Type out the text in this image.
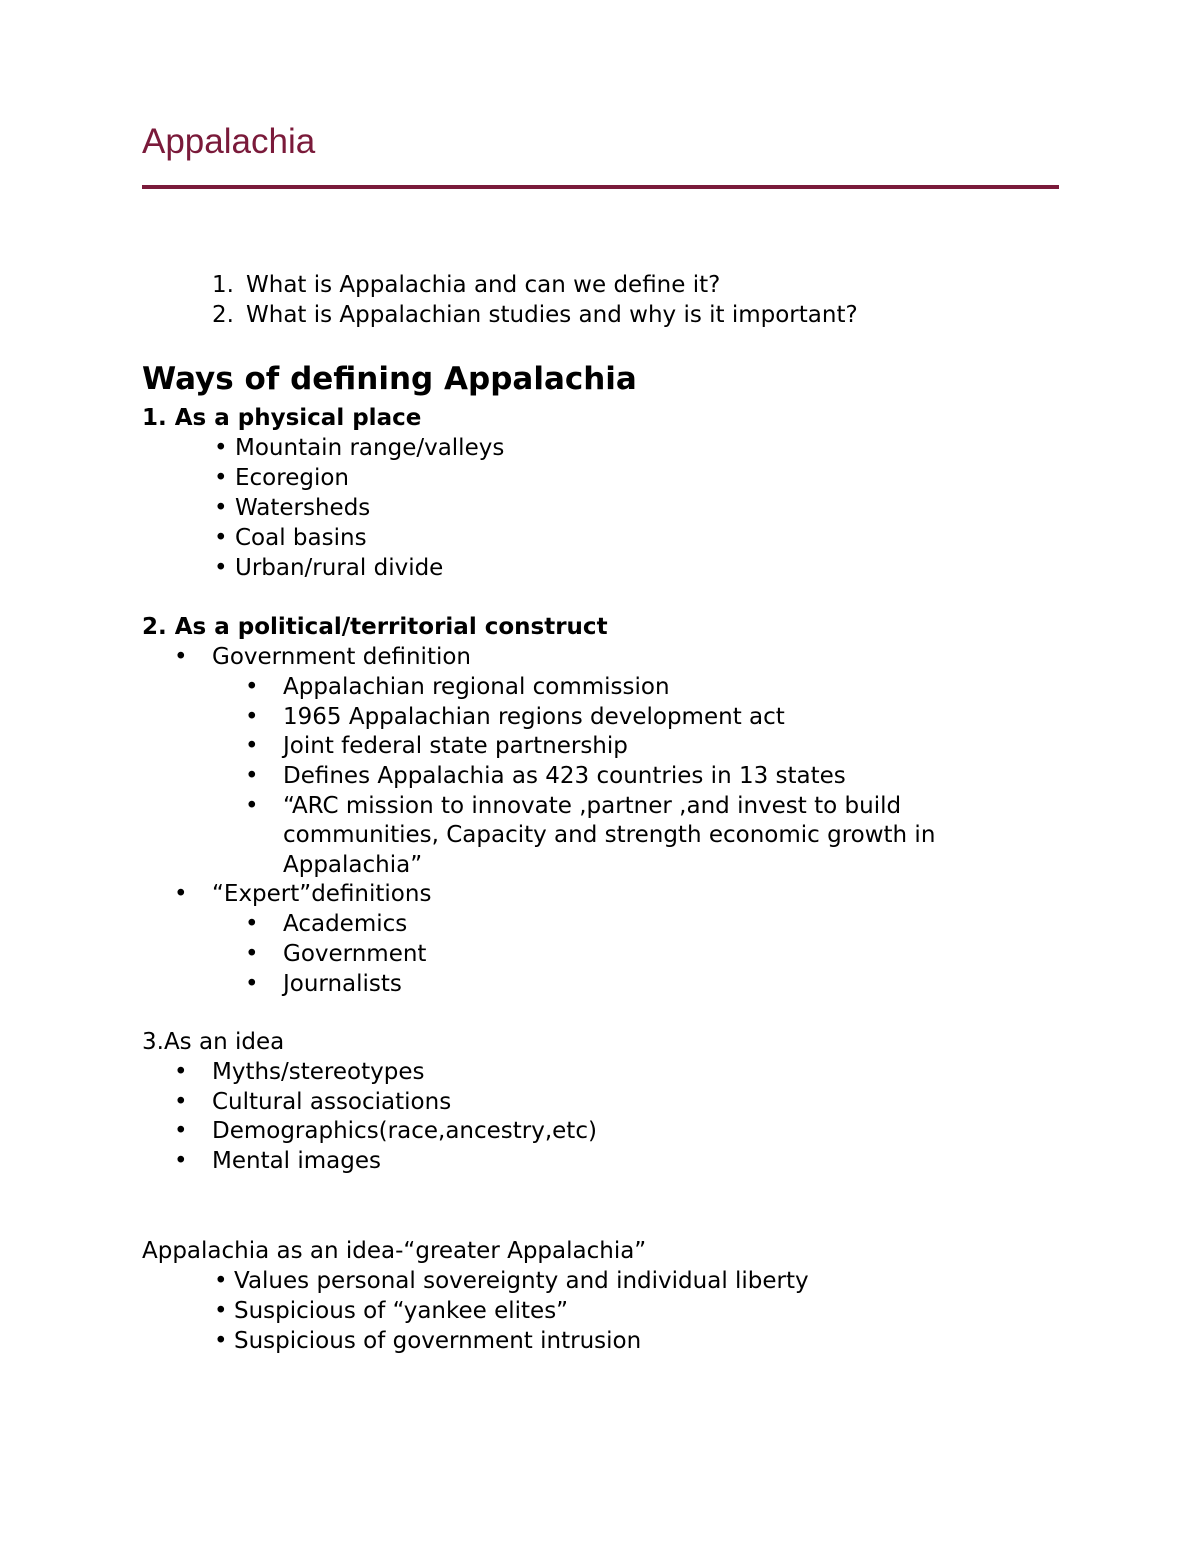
Appalachia
1. What is Appalachia and can we define it?
2. What is Appalachian studies and why is it important?
Ways of defining Appalachia
1. As a physical place
• Mountain range/valleys
• Ecoregion
• Watersheds
• Coal basins
• Urban/rural divide
2. As a political/territorial construct
• Government definition
• Appalachian regional commission
• 1965 Appalachian regions development act
• Joint federal state partnership
• Defines Appalachia as 423 countries in 13 states
• “ARC mission to innovate ,partner ,and invest to build
communities, Capacity and strength economic growth in
Appalachia”
• “Expert”definitions
• Academics
• Government
• Journalists
3.As an idea
• Myths/stereotypes
• Cultural associations
• Demographics(race,ancestry,etc)
• Mental images
Appalachia as an idea-“greater Appalachia”
• Values personal sovereignty and individual liberty
• Suspicious of “yankee elites”
• Suspicious of government intrusion
